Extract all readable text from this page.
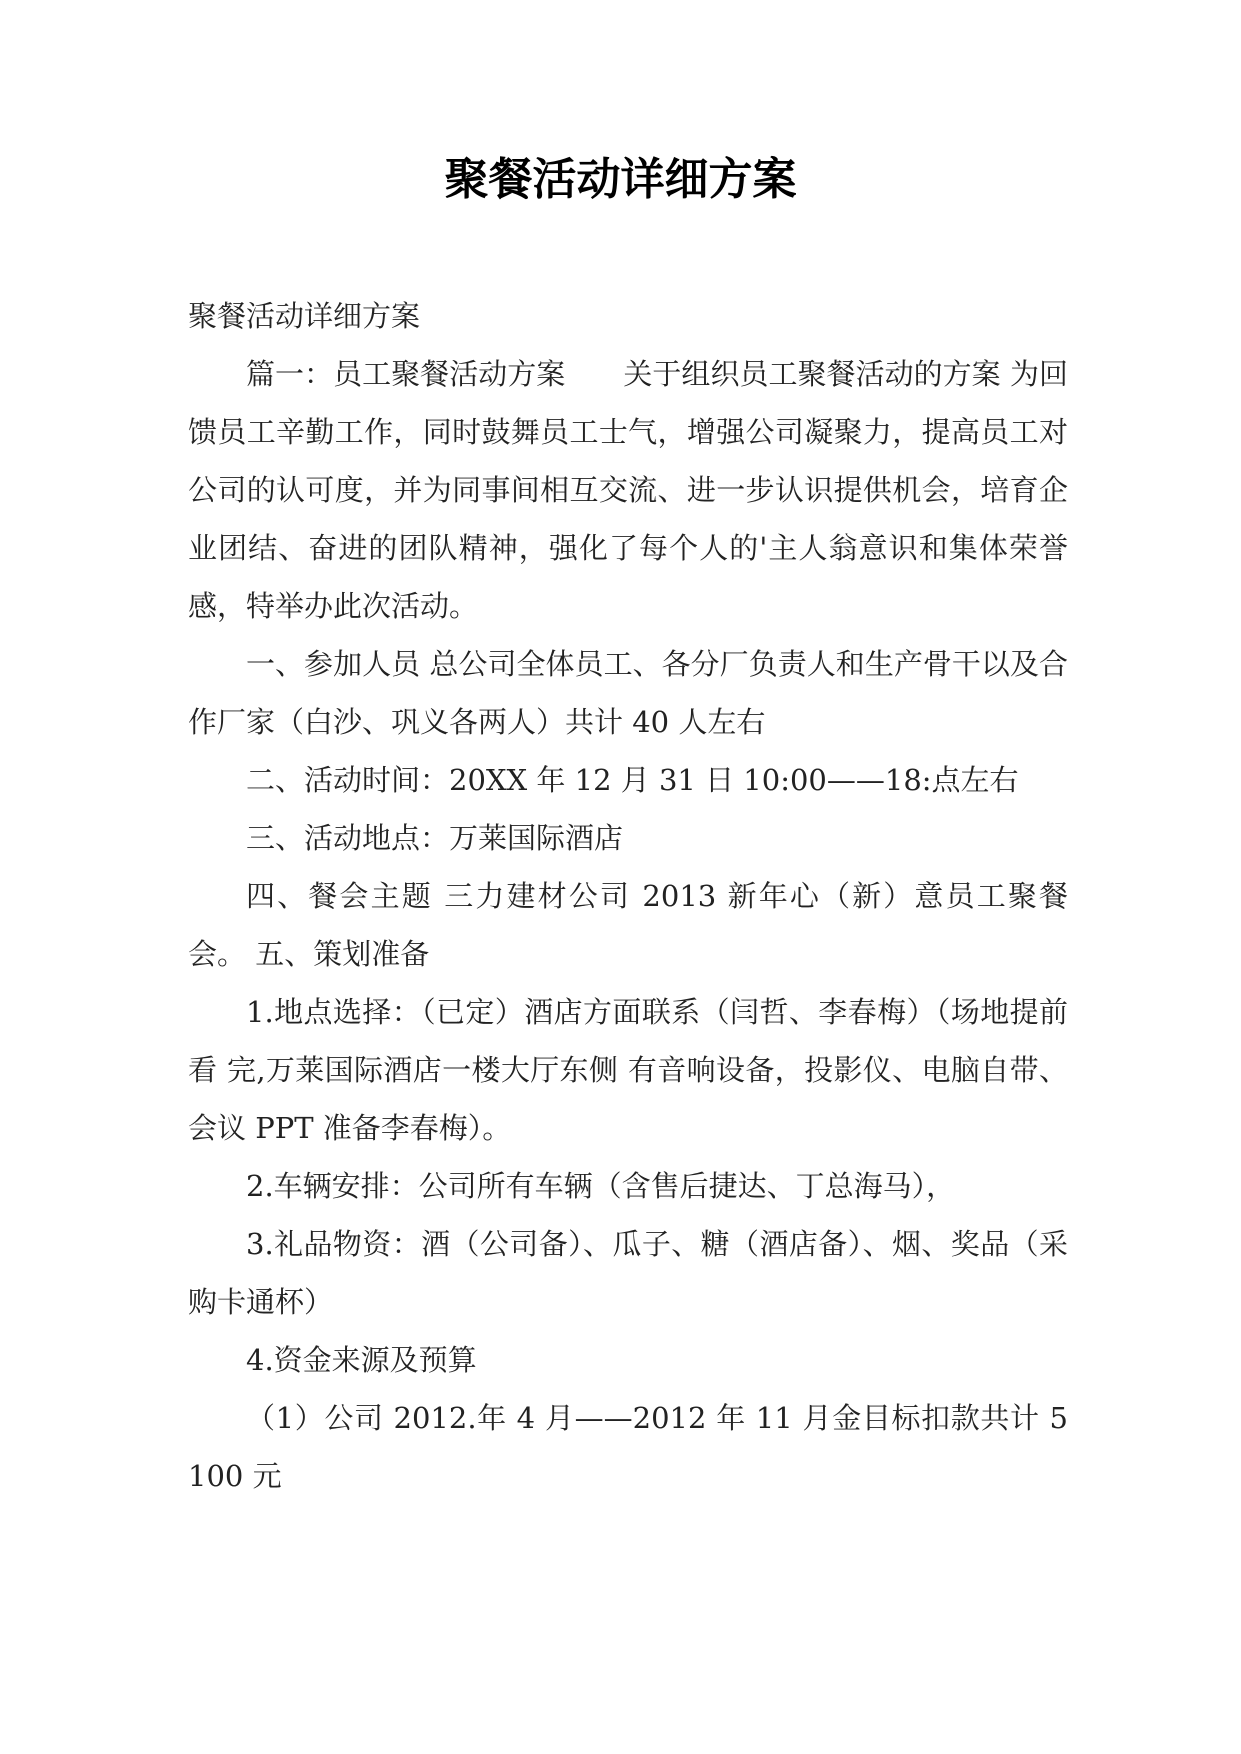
聚餐活动详细方案

聚餐活动详细方案

篇一：员工聚餐活动方案　　关于组织员工聚餐活动的方案 为回馈员工辛勤工作，同时鼓舞员工士气，增强公司凝聚力，提高员工对公司的认可度，并为同事间相互交流、进一步认识提供机会，培育企业团结、奋进的团队精神，强化了每个人的'主人翁意识和集体荣誉感，特举办此次活动。

一、参加人员 总公司全体员工、各分厂负责人和生产骨干以及合作厂家（白沙、巩义各两人）共计 40 人左右

二、活动时间：20XX 年 12 月 31 日 10:00——18:点左右

三、活动地点：万莱国际酒店

四、餐会主题 三力建材公司 2013 新年心（新）意员工聚餐会。 五、策划准备

1.地点选择：（已定）酒店方面联系（闫哲、李春梅）（场地提前看 完,万莱国际酒店一楼大厅东侧 有音响设备，投影仪、电脑自带、会议 PPT 准备李春梅）。

2.车辆安排：公司所有车辆（含售后捷达、丁总海马），

3.礼品物资：酒（公司备）、瓜子、糖（酒店备）、烟、奖品（采购卡通杯）

4.资金来源及预算

（1）公司 2012.年 4 月——2012 年 11 月金目标扣款共计 5100 元
